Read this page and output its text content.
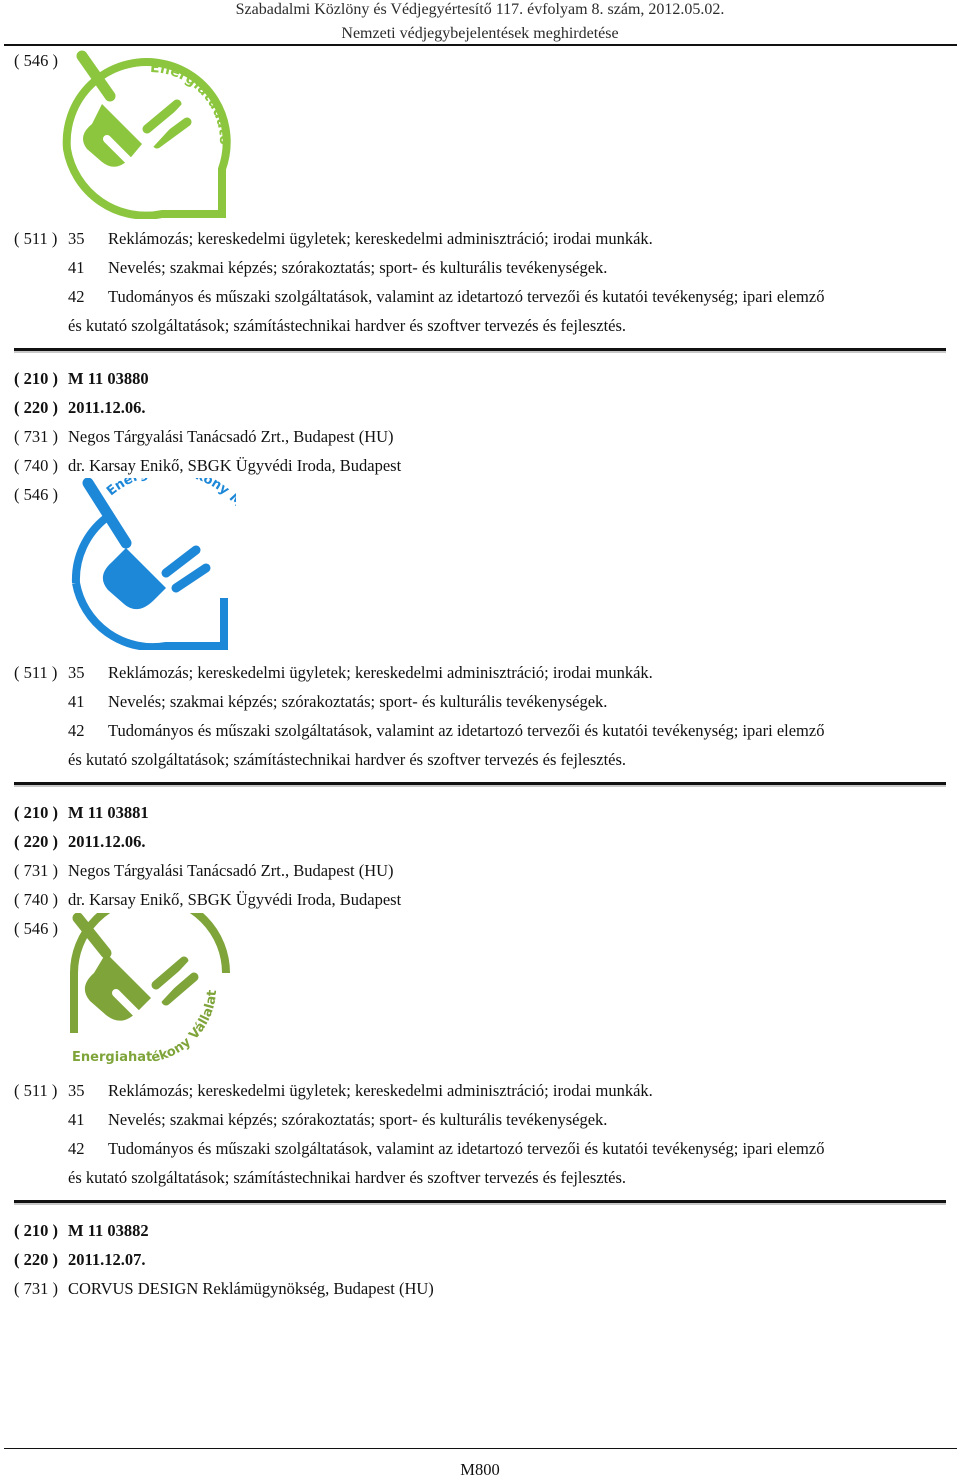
Szabadalmi Közlöny és Védjegyértesítő 117. évfolyam 8. szám, 2012.05.02.
Nemzeti védjegybejelentések meghirdetése
( 546 )	Energiatudato
( 511 ) 35 Reklámozás; kereskedelmi ügyletek; kereskedelmi adminisztráció; irodai munkák.
41 Nevelés; szakmai képzés; szórakoztatás; sport- és kulturális tevékenységek.
42 Tudományos és műszaki szolgáltatások, valamint az idetartozó tervezői és kutatói tevékenység; ipari elemző
és kutató szolgáltatások; számítástechnikai hardver és szoftver tervezés és fejlesztés.
( 210 ) M 11 03880
( 220 ) 2011.12.06.
( 731 ) Negos Tárgyalási Tanácsadó Zrt., Budapest (HU)
( 740 ) dr. Karsay Enikő, SBGK Ügyvédi Iroda, Budapest
( 546 )	Ene ony
( 511 ) 35 Reklámozás; kereskedelmi ügyletek; kereskedelmi adminisztráció; irodai munkák.
41 Nevelés; szakmai képzés; szórakoztatás; sport- és kulturális tevékenységek.
42 Tudományos és műszaki szolgáltatások, valamint az idetartozó tervezői és kutatói tevékenység; ipari elemző
és kutató szolgáltatások; számítástechnikai hardver és szoftver tervezés és fejlesztés.
( 210 ) M 11 03881
( 220 ) 2011.12.06.
( 731 ) Negos Tárgyalási Tanácsadó Zrt., Budapest (HU)
( 740 ) dr. Karsay Enikő, SBGK Ügyvédi Iroda, Budapest
( 546 )
Energiahatékony Vállalat
( 511 ) 35 Reklámozás; kereskedelmi ügyletek; kereskedelmi adminisztráció; irodai munkák.
41 Nevelés; szakmai képzés; szórakoztatás; sport- és kulturális tevékenységek.
42 Tudományos és műszaki szolgáltatások, valamint az idetartozó tervezői és kutatói tevékenység; ipari elemző
és kutató szolgáltatások; számítástechnikai hardver és szoftver tervezés és fejlesztés.
( 210 ) M 11 03882
( 220 ) 2011.12.07.
( 731 ) CORVUS DESIGN Reklámügynökség, Budapest (HU)
M800
